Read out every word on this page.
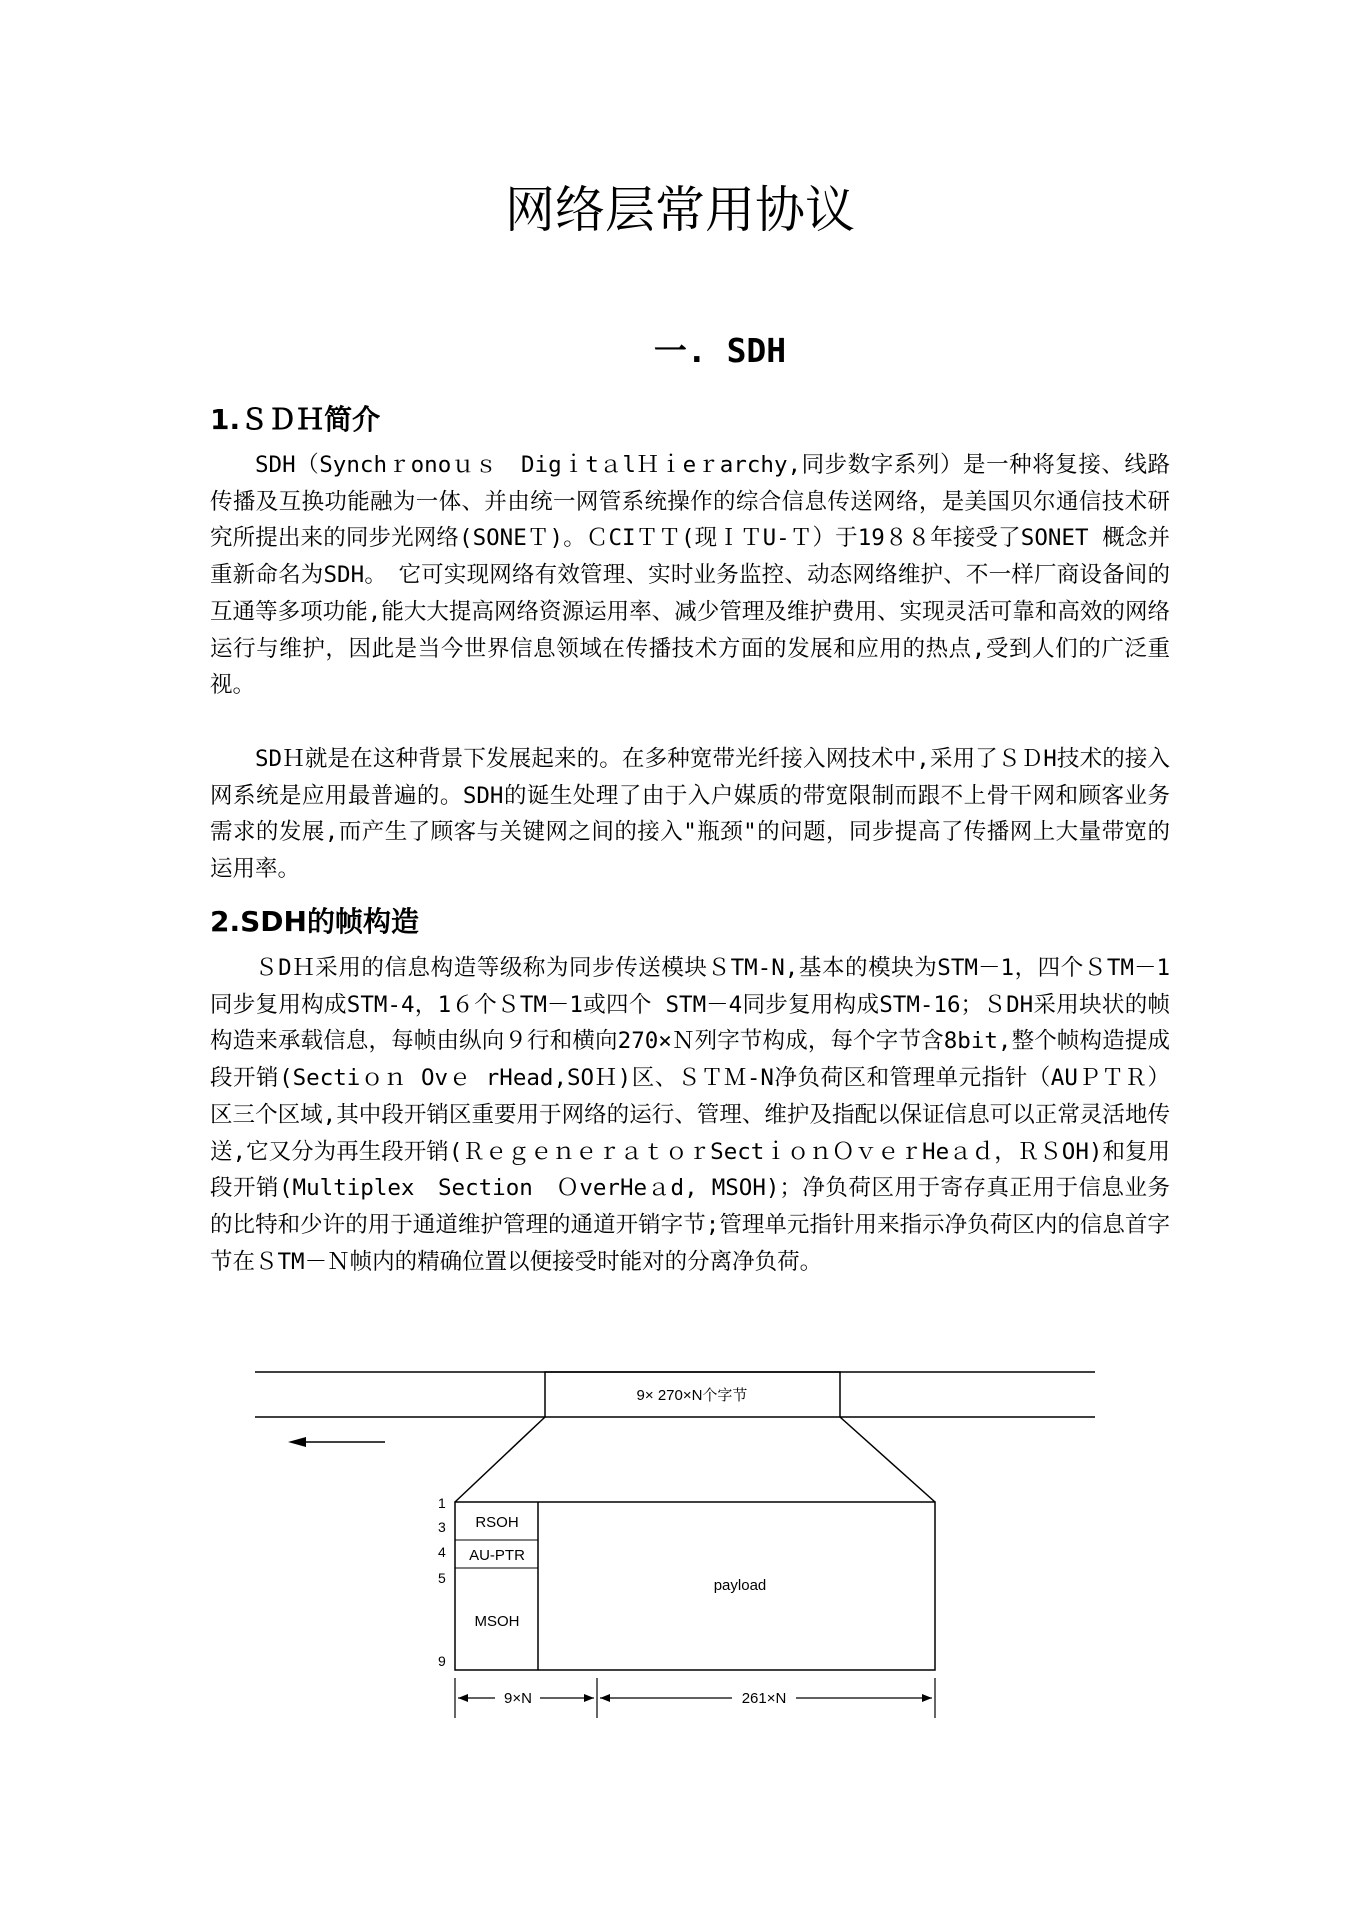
网络层常用协议
一. SDH
1.ＳＤＨ简介

SDH（Synchｒonoｕｓ　DigｉtａlＨｉeｒarchy,同步数字系列）是一种将复接、线路传播及互换功能融为一体、并由统一网管系统操作的综合信息传送网络，是美国贝尔通信技术研究所提出来的同步光网络(SONEＴ)。ＣCIＴＴ(现ＩＴU-Ｔ）于19８８年接受了SONET 概念并重新命名为SDH。　它可实现网络有效管理、实时业务监控、动态网络维护、不一样厂商设备间的互通等多项功能,能大大提高网络资源运用率、减少管理及维护费用、实现灵活可靠和高效的网络运行与维护，因此是当今世界信息领域在传播技术方面的发展和应用的热点,受到人们的广泛重视。

SDＨ就是在这种背景下发展起来的。在多种宽带光纤接入网技术中,采用了ＳＤH技术的接入网系统是应用最普遍的。SDH的诞生处理了由于入户媒质的带宽限制而跟不上骨干网和顾客业务需求的发展,而产生了顾客与关键网之间的接入"瓶颈"的问题，同步提高了传播网上大量带宽的运用率。

2.SDH的帧构造

ＳDＨ采用的信息构造等级称为同步传送模块ＳTM-N,基本的模块为STM－1，四个ＳTM－1同步复用构成STM-4，1６个ＳTM－1或四个 STM－4同步复用构成STM-16；ＳDH采用块状的帧构造来承载信息，每帧由纵向９行和横向270×Ｎ列字节构成，每个字节含8bit,整个帧构造提成段开销(Sectiｏｎ Ovｅ rHead,SOＨ)区、ＳＴＭ-N净负荷区和管理单元指针（AUＰＴＲ）区三个区域,其中段开销区重要用于网络的运行、管理、维护及指配以保证信息可以正常灵活地传送,它又分为再生段开销(ＲｅｇｅｎｅｒａｔｏｒSectｉｏｎＯｖｅｒHeａｄ，ＲＳOH)和复用段开销(Multiplex　Section　ＯverHeａd, MSOH)；净负荷区用于寄存真正用于信息业务的比特和少许的用于通道维护管理的通道开销字节;管理单元指针用来指示净负荷区内的信息首字节在ＳTM－Ｎ帧内的精确位置以便接受时能对的分离净负荷。

9× 270×N个字节
RSOH
AU-PTR
MSOH
payload
1
3
4
5
9
9×N	261×N
